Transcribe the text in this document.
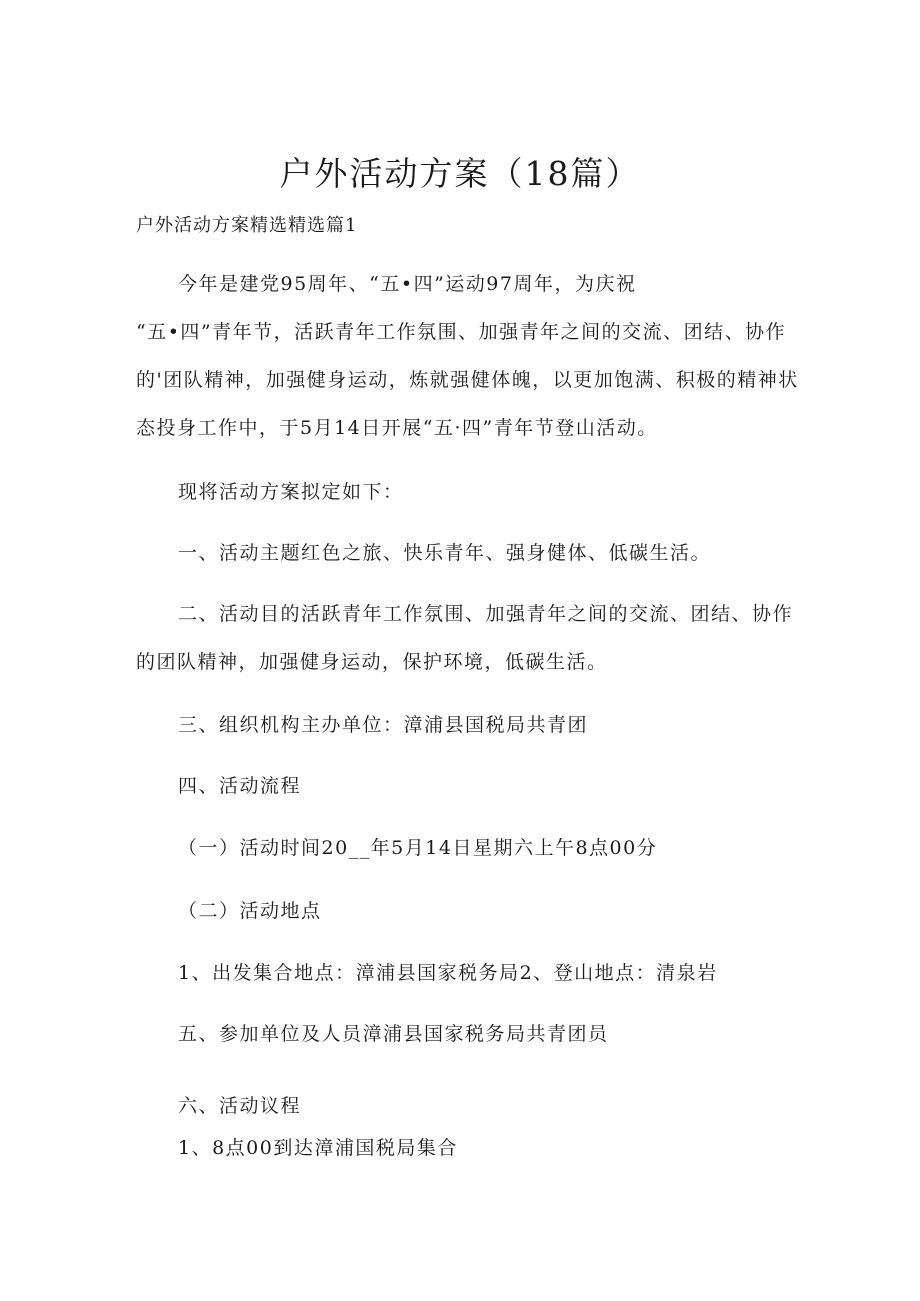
户外活动方案（18篇）
户外活动方案精选精选篇1
今年是建党95周年、“五•四”运动97周年，为庆祝
“五•四”青年节，活跃青年工作氛围、加强青年之间的交流、团结、协作
的'团队精神，加强健身运动，炼就强健体魄，以更加饱满、积极的精神状
态投身工作中，于5月14日开展“五·四”青年节登山活动。
现将活动方案拟定如下：
一、活动主题红色之旅、快乐青年、强身健体、低碳生活。
二、活动目的活跃青年工作氛围、加强青年之间的交流、团结、协作
的团队精神，加强健身运动，保护环境，低碳生活。
三、组织机构主办单位：漳浦县国税局共青团
四、活动流程
（一）活动时间20__年5月14日星期六上午8点00分
（二）活动地点
1、出发集合地点：漳浦县国家税务局2、登山地点：清泉岩
五、参加单位及人员漳浦县国家税务局共青团员
六、活动议程
1、8点00到达漳浦国税局集合
